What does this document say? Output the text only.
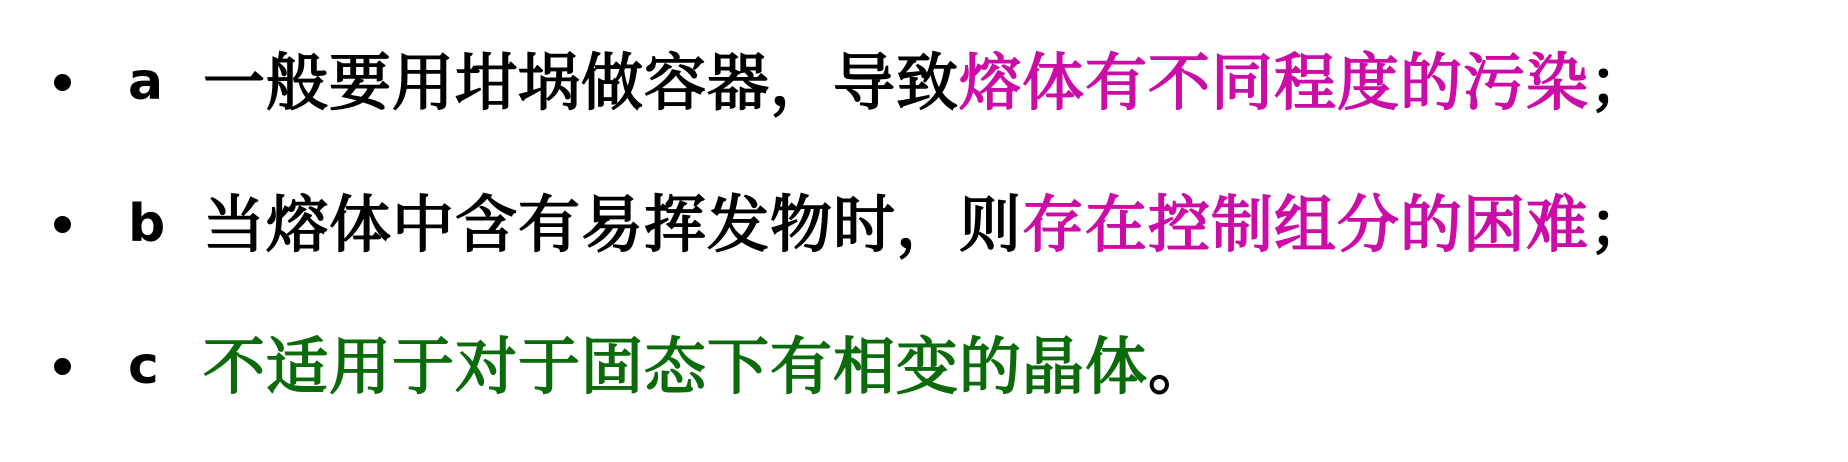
a 一般要用坩埚做容器，导致熔体有不同程度的污染；
b 当熔体中含有易挥发物时，则存在控制组分的困难；
c 不适用于对于固态下有相变的晶体。
